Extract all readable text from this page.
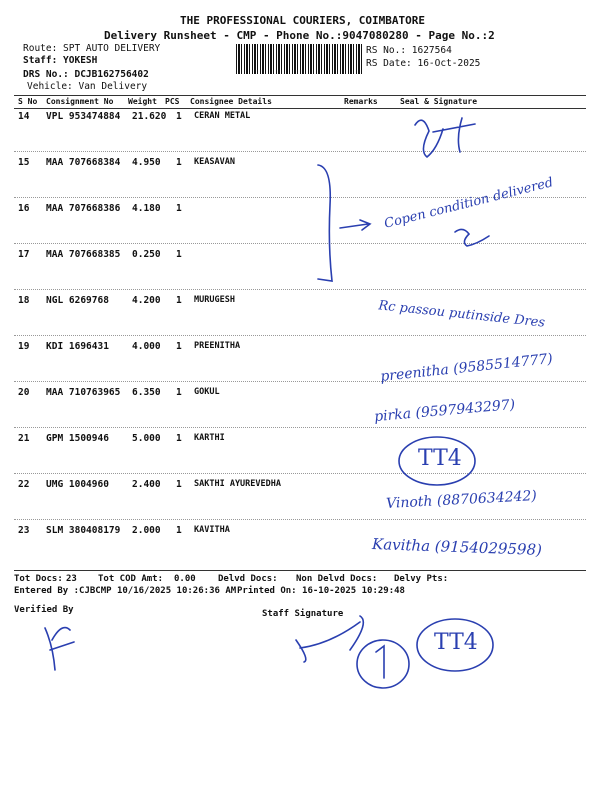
THE PROFESSIONAL COURIERS, COIMBATORE
Delivery Runsheet - CMP - Phone No.:9047080280 - Page No.:2
Route: SPT AUTO DELIVERY
Staff: YOKESH
DRS No.: DCJB162756402
Vehicle: Van Delivery
RS No.: 1627564
RS Date: 16-Oct-2025
S No Consignment No Weight PCS Consignee Details	Remarks	Seal & Signature
14 VPL 953474884 21.620 1 CERAN METAL
15 MAA 707668384 4.950 1 KEASAVAN
16 MAA 707668386 4.180 1
17 MAA 707668385 0.250 1
18 NGL 6269768 4.200 1 MURUGESH
19 KDI 1696431 4.000 1 PREENITHA
20 MAA 710763965 6.350 1 GOKUL
21 GPM 1500946 5.000 1 KARTHI
22 UMG 1004960 2.400 1 SAKTHI AYUREVEDHA
23 SLM 380408179 2.000 1 KAVITHA
Copen condition delivered
Rc passou putinside Dres
preenitha (9585514777)
pirka (9597943297)
TT4
Vinoth (8870634242)
Kavitha (9154029598)
TT4
Tot Docs: 23 Tot COD Amt: 0.00 Delvd Docs: Non Delvd Docs: Delvy Pts:
Entered By :CJBCMP 10/16/2025 10:26:36 AM Printed On: 16-10-2025 10:29:48
Verified By	Staff Signature
